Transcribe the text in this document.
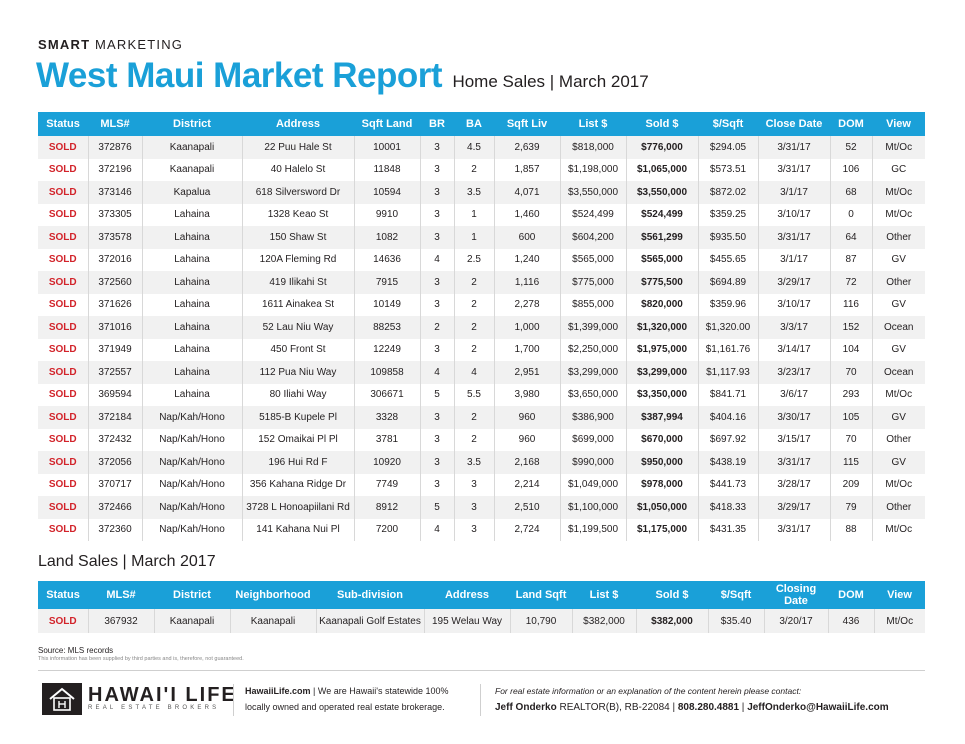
SMART MARKETING
West Maui Market Report Home Sales | March 2017
Status	MLS#	District	Address	Sqft Land	BR	BA	Sqft Liv	List $	Sold $	$/Sqft	Close Date	DOM	View
SOLD	372876	Kaanapali	22 Puu Hale St	10001	3	4.5	2,639	$818,000	$776,000	$294.05	3/31/17	52	Mt/Oc
SOLD	372196	Kaanapali	40 Halelo St	11848	3	2	1,857	$1,198,000	$1,065,000	$573.51	3/31/17	106	GC
SOLD	373146	Kapalua	618 Silversword Dr	10594	3	3.5	4,071	$3,550,000	$3,550,000	$872.02	3/1/17	68	Mt/Oc
SOLD	373305	Lahaina	1328 Keao St	9910	3	1	1,460	$524,499	$524,499	$359.25	3/10/17	0	Mt/Oc
SOLD	373578	Lahaina	150 Shaw St	1082	3	1	600	$604,200	$561,299	$935.50	3/31/17	64	Other
SOLD	372016	Lahaina	120A Fleming Rd	14636	4	2.5	1,240	$565,000	$565,000	$455.65	3/1/17	87	GV
SOLD	372560	Lahaina	419 Ilikahi St	7915	3	2	1,116	$775,000	$775,500	$694.89	3/29/17	72	Other
SOLD	371626	Lahaina	1611 Ainakea St	10149	3	2	2,278	$855,000	$820,000	$359.96	3/10/17	116	GV
SOLD	371016	Lahaina	52 Lau Niu Way	88253	2	2	1,000	$1,399,000	$1,320,000	$1,320.00	3/3/17	152	Ocean
SOLD	371949	Lahaina	450 Front St	12249	3	2	1,700	$2,250,000	$1,975,000	$1,161.76	3/14/17	104	GV
SOLD	372557	Lahaina	112 Pua Niu Way	109858	4	4	2,951	$3,299,000	$3,299,000	$1,117.93	3/23/17	70	Ocean
SOLD	369594	Lahaina	80 Iliahi Way	306671	5	5.5	3,980	$3,650,000	$3,350,000	$841.71	3/6/17	293	Mt/Oc
SOLD	372184	Nap/Kah/Hono	5185-B Kupele Pl	3328	3	2	960	$386,900	$387,994	$404.16	3/30/17	105	GV
SOLD	372432	Nap/Kah/Hono	152 Omaikai Pl Pl	3781	3	2	960	$699,000	$670,000	$697.92	3/15/17	70	Other
SOLD	372056	Nap/Kah/Hono	196 Hui Rd F	10920	3	3.5	2,168	$990,000	$950,000	$438.19	3/31/17	115	GV
SOLD	370717	Nap/Kah/Hono	356 Kahana Ridge Dr	7749	3	3	2,214	$1,049,000	$978,000	$441.73	3/28/17	209	Mt/Oc
SOLD	372466	Nap/Kah/Hono	3728 L Honoapiilani Rd	8912	5	3	2,510	$1,100,000	$1,050,000	$418.33	3/29/17	79	Other
SOLD	372360	Nap/Kah/Hono	141 Kahana Nui Pl	7200	4	3	2,724	$1,199,500	$1,175,000	$431.35	3/31/17	88	Mt/Oc
Land Sales | March 2017
Status	MLS#	District	Neighborhood	Sub-division	Address	Land Sqft	List $	Sold $	$/Sqft	Closing Date	DOM	View
SOLD	367932	Kaanapali	Kaanapali	Kaanapali Golf Estates	195 Welau Way	10,790	$382,000	$382,000	$35.40	3/20/17	436	Mt/Oc
Source: MLS records
This information has been supplied by third parties and is, therefore, not guaranteed.
HAWAI'I LIFE
REAL ESTATE BROKERS
HawaiiLife.com | We are Hawaii's statewide 100%
locally owned and operated real estate brokerage.
For real estate information or an explanation of the content herein please contact:
Jeff Onderko REALTOR(B), RB-22084 | 808.280.4881 | JeffOnderko@HawaiiLife.com
